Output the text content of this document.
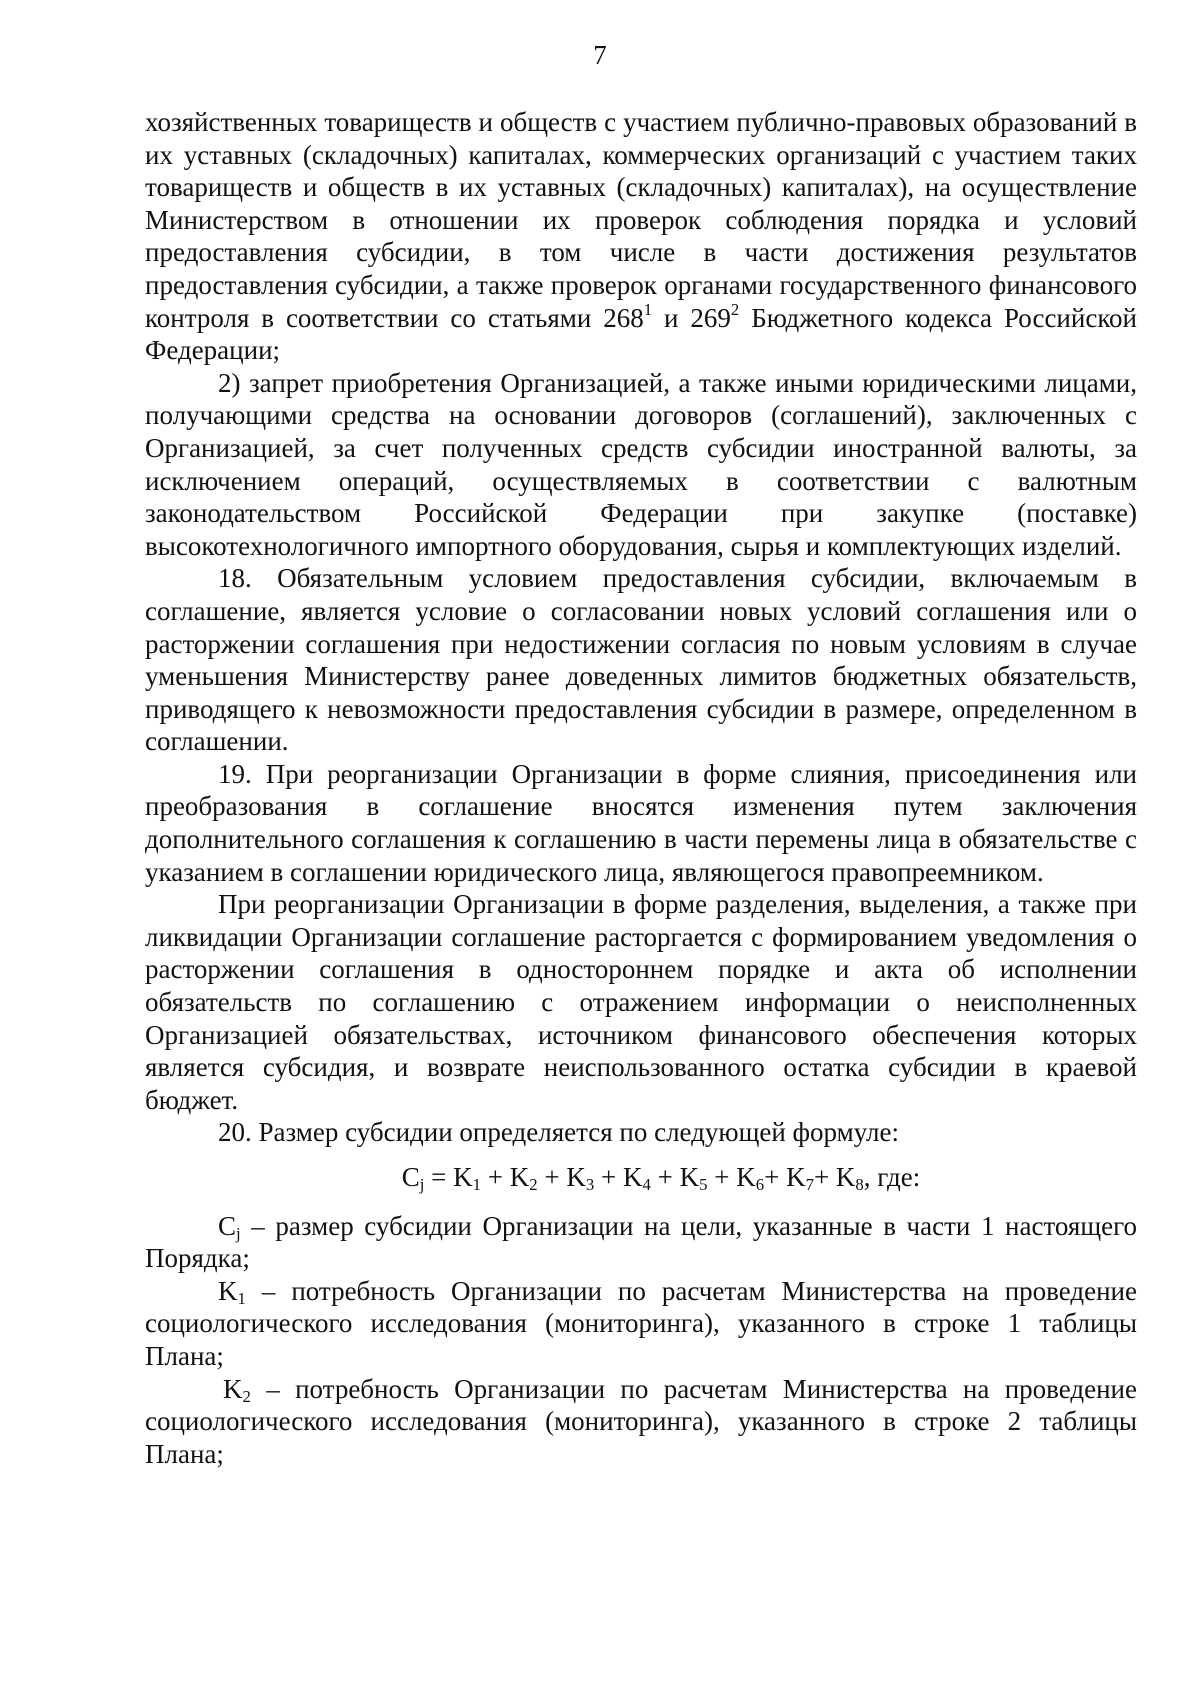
7

хозяйственных товариществ и обществ с участием публично-правовых образований в их уставных (складочных) капиталах, коммерческих организаций с участием таких товариществ и обществ в их уставных (складочных) капиталах), на осуществление Министерством в отношении их проверок соблюдения порядка и условий предоставления субсидии, в том числе в части достижения результатов предоставления субсидии, а также проверок органами государственного финансового контроля в соответствии со статьями $268^1$ и $269^2$ Бюджетного кодекса Российской Федерации;

2) запрет приобретения Организацией, а также иными юридическими лицами, получающими средства на основании договоров (соглашений), заключенных с Организацией, за счет полученных средств субсидии иностранной валюты, за исключением операций, осуществляемых в соответствии с валютным законодательством Российской Федерации при закупке (поставке) высокотехнологичного импортного оборудования, сырья и комплектующих изделий.

18. Обязательным условием предоставления субсидии, включаемым в соглашение, является условие о согласовании новых условий соглашения или о расторжении соглашения при недостижении согласия по новым условиям в случае уменьшения Министерству ранее доведенных лимитов бюджетных обязательств, приводящего к невозможности предоставления субсидии в размере, определенном в соглашении.

19. При реорганизации Организации в форме слияния, присоединения или преобразования в соглашение вносятся изменения путем заключения дополнительного соглашения к соглашению в части перемены лица в обязательстве с указанием в соглашении юридического лица, являющегося правопреемником.

При реорганизации Организации в форме разделения, выделения, а также при ликвидации Организации соглашение расторгается с формированием уведомления о расторжении соглашения в одностороннем порядке и акта об исполнении обязательств по соглашению с отражением информации о неисполненных Организацией обязательствах, источником финансового обеспечения которых является субсидия, и возврате неиспользованного остатка субсидии в краевой бюджет.

20. Размер субсидии определяется по следующей формуле:

$C_j = K_1 + K_2 + K_3 + K_4 + K_5 + K_6+ K_7+ K_8$, где:

$C_j$ – размер субсидии Организации на цели, указанные в части 1 настоящего Порядка;

$K_1$ – потребность Организации по расчетам Министерства на проведение социологического исследования (мониторинга), указанного в строке 1 таблицы Плана;

$K_2$ – потребность Организации по расчетам Министерства на проведение социологического исследования (мониторинга), указанного в строке 2 таблицы Плана;
